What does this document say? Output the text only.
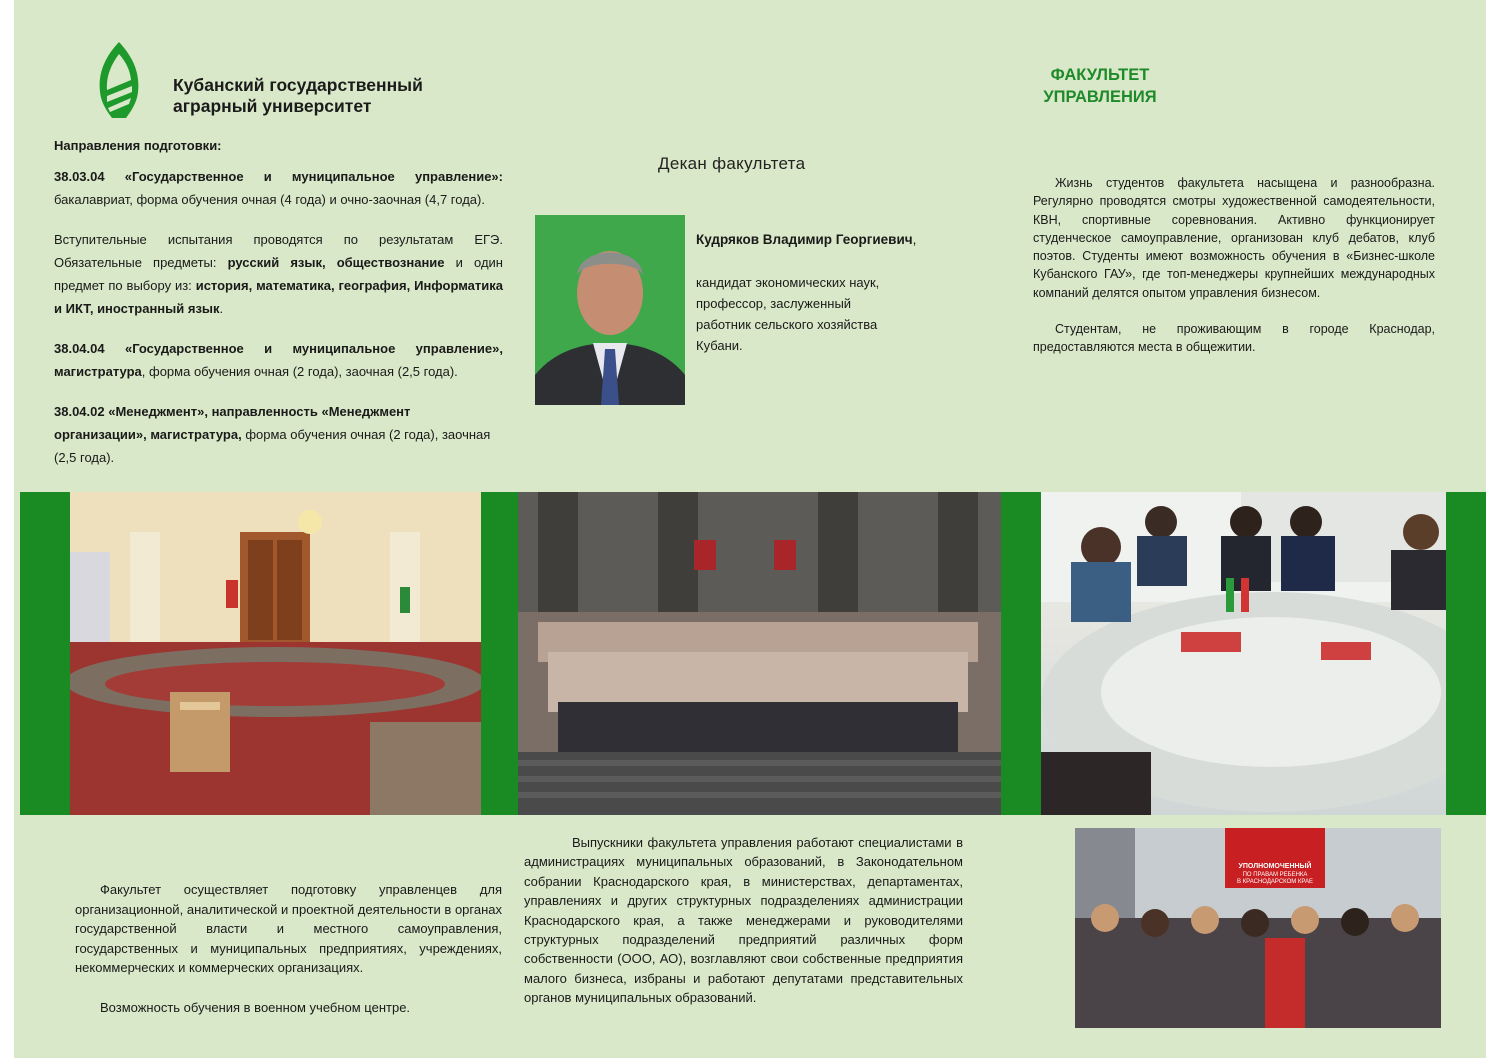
Кубанский государственный
аграрный университет
ФАКУЛЬТЕТ
УПРАВЛЕНИЯ

Направления подготовки:

38.03.04 «Государственное и муниципальное управление»: бакалавриат, форма обучения очная (4 года) и очно-заочная (4,7 года).

Вступительные испытания проводятся по результатам ЕГЭ. Обязательные предметы: русский язык, обществознание и один предмет по выбору из: история, математика, география, Информатика и ИКТ, иностранный язык.

38.04.04 «Государственное и муниципальное управление», магистратура, форма обучения очная (2 года), заочная (2,5 года).

38.04.02 «Менеджмент», направленность «Менеджмент организации», магистратура, форма обучения очная (2 года), заочная (2,5 года).

Декан факультета
Кудряков Владимир Георгиевич,
кандидат экономических наук,
профессор, заслуженный
работник сельского хозяйства
Кубани.

Жизнь студентов факультета насыщена и разнообразна. Регулярно проводятся смотры художественной самодеятельности, КВН, спортивные соревнования. Активно функционирует студенческое самоуправление, организован клуб дебатов, клуб поэтов. Студенты имеют возможность обучения в «Бизнес-школе Кубанского ГАУ», где топ-менеджеры крупнейших международных компаний делятся опытом управления бизнесом.

Студентам, не проживающим в городе Краснодар, предоставляются места в общежитии.

УПОЛНОМОЧЕННЫЙ
ПО ПРАВАМ РЕБЕНКА
В КРАСНОДАРСКОМ КРАЕ

Факультет осуществляет подготовку управленцев для организационной, аналитической и проектной деятельности в органах государственной власти и местного самоуправления, государственных и муниципальных предприятиях, учреждениях, некоммерческих и коммерческих организациях.

Возможность обучения в военном учебном центре.

Выпускники факультета управления работают специалистами в администрациях муниципальных образований, в Законодательном собрании Краснодарского края, в министерствах, департаментах, управлениях и других структурных подразделениях администрации Краснодарского края, а также менеджерами и руководителями структурных подразделений предприятий различных форм собственности (ООО, АО), возглавляют свои собственные предприятия малого бизнеса, избраны и работают депутатами представительных органов муниципальных образований.
